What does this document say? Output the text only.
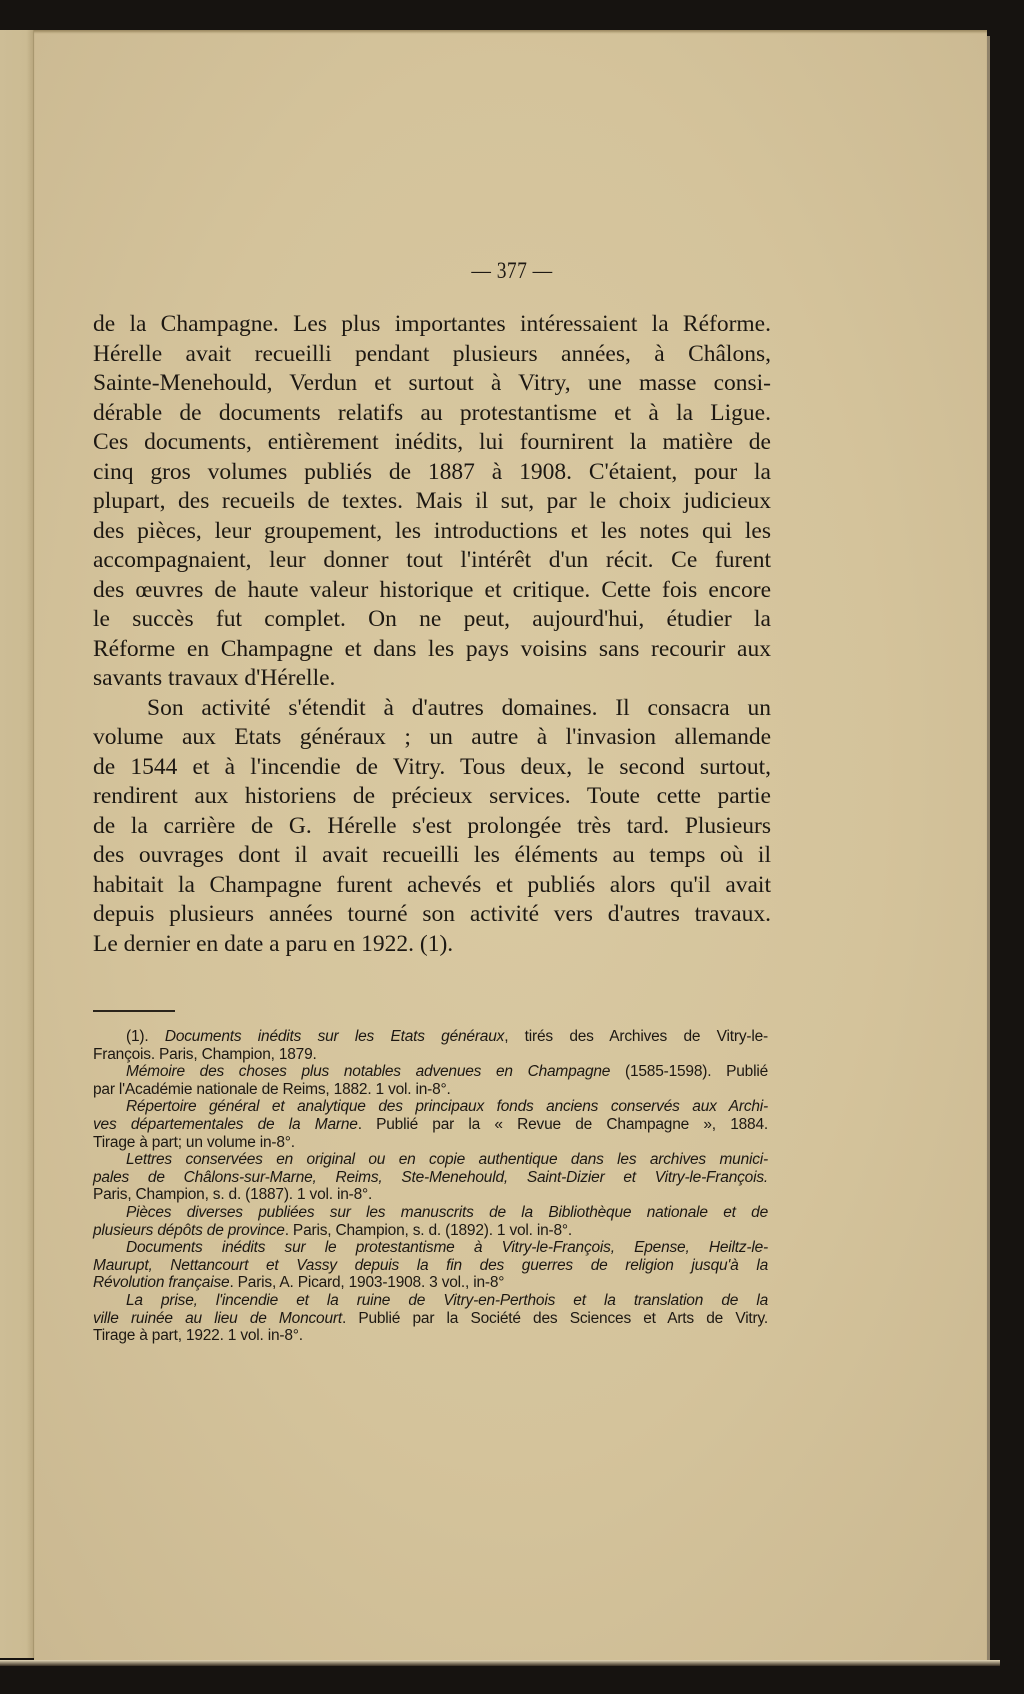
— 377 —
de la Champagne. Les plus importantes intéressaient la Réforme.
Hérelle avait recueilli pendant plusieurs années, à Châlons,
Sainte-Menehould, Verdun et surtout à Vitry, une masse consi-
dérable de documents relatifs au protestantisme et à la Ligue.
Ces documents, entièrement inédits, lui fournirent la matière de
cinq gros volumes publiés de 1887 à 1908. C'étaient, pour la
plupart, des recueils de textes. Mais il sut, par le choix judicieux
des pièces, leur groupement, les introductions et les notes qui les
accompagnaient, leur donner tout l'intérêt d'un récit. Ce furent
des œuvres de haute valeur historique et critique. Cette fois encore
le succès fut complet. On ne peut, aujourd'hui, étudier la
Réforme en Champagne et dans les pays voisins sans recourir aux
savants travaux d'Hérelle.
Son activité s'étendit à d'autres domaines. Il consacra un
volume aux Etats généraux ; un autre à l'invasion allemande
de 1544 et à l'incendie de Vitry. Tous deux, le second surtout,
rendirent aux historiens de précieux services. Toute cette partie
de la carrière de G. Hérelle s'est prolongée très tard. Plusieurs
des ouvrages dont il avait recueilli les éléments au temps où il
habitait la Champagne furent achevés et publiés alors qu'il avait
depuis plusieurs années tourné son activité vers d'autres travaux.
Le dernier en date a paru en 1922. (1).
(1). Documents inédits sur les Etats généraux, tirés des Archives de Vitry-le-
François. Paris, Champion, 1879.
Mémoire des choses plus notables advenues en Champagne (1585-1598). Publié
par l'Académie nationale de Reims, 1882. 1 vol. in-8°.
Répertoire général et analytique des principaux fonds anciens conservés aux Archi-
ves départementales de la Marne. Publié par la « Revue de Champagne », 1884.
Tirage à part; un volume in-8°.
Lettres conservées en original ou en copie authentique dans les archives munici-
pales de Châlons-sur-Marne, Reims, Ste-Menehould, Saint-Dizier et Vitry-le-François.
Paris, Champion, s. d. (1887). 1 vol. in-8°.
Pièces diverses publiées sur les manuscrits de la Bibliothèque nationale et de
plusieurs dépôts de province. Paris, Champion, s. d. (1892). 1 vol. in-8°.
Documents inédits sur le protestantisme à Vitry-le-François, Epense, Heiltz-le-
Maurupt, Nettancourt et Vassy depuis la fin des guerres de religion jusqu'à la
Révolution française. Paris, A. Picard, 1903-1908. 3 vol., in-8°
La prise, l'incendie et la ruine de Vitry-en-Perthois et la translation de la
ville ruinée au lieu de Moncourt. Publié par la Société des Sciences et Arts de Vitry.
Tirage à part, 1922. 1 vol. in-8°.
